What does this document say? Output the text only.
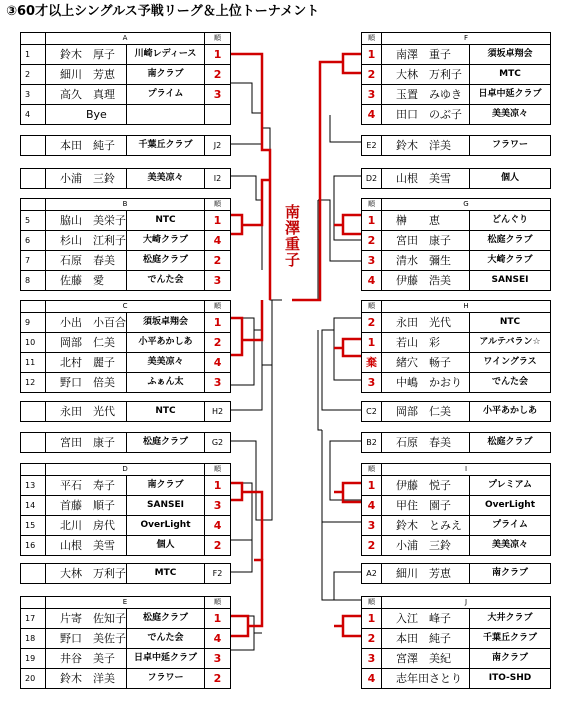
③60才以上シングルス予戦リーグ＆上位トーナメント
南澤重子
	A		順
1	鈴木　厚子	川崎レディース	1
2	細川　芳恵	南クラブ	2
3	高久　真理	プライム	3
4	Bye		
	本田　純子	千葉丘クラブ	J2
	小浦　三鈴	美美凉々	I2
	B		順
5	脇山　美栄子	NTC	1
6	杉山　江利子	大崎クラブ	4
7	石原　春美	松庭クラブ	2
8	佐藤　愛	でんた会	3
	C		順
9	小出　小百合	須坂卓翔会	1
10	岡部　仁美	小平あかしあ	2
11	北村　麗子	美美凉々	4
12	野口　倍美	ふぁん太	3
	永田　光代	NTC	H2
	宮田　康子	松庭クラブ	G2
	D		順
13	平石　寿子	南クラブ	1
14	首藤　順子	SANSEI	3
15	北川　房代	OverLight	4
16	山根　美雪	個人	2
	大林　万利子	MTC	F2
	E		順
17	片寄　佐知子	松庭クラブ	1
18	野口　美佐子	でんた会	4
19	井谷　美子	日卓中延クラブ	3
20	鈴木　洋美	フラワー	2
順	F	
1	南澤　重子	須坂卓翔会
2	大林　万利子	MTC
3	玉置　みゆき	日卓中延クラブ
4	田口　のぶ子	美美凉々
E2	鈴木　洋美	フラワー
D2	山根　美雪	個人
順	G	
1	榊　　恵	どんぐり
2	宮田　康子	松庭クラブ
3	清水　彌生	大崎クラブ
4	伊藤　浩美	SANSEI
順	H	
2	永田　光代	NTC
1	若山　彩	アルテバラン☆
棄	緒穴　畅子	ワイングラス
3	中嶋　かおり	でんた会
C2	岡部　仁美	小平あかしあ
B2	石原　春美	松庭クラブ
順	I	
1	伊藤　悦子	プレミアム
4	甲住　園子	OverLight
3	鈴木　とみえ	プライム
2	小浦　三鈴	美美凉々
A2	細川　芳恵	南クラブ
順	J	
1	入江　峰子	大井クラブ
2	本田　純子	千葉丘クラブ
3	宮澤　美紀	南クラブ
4	志年田さとり	ITO-SHD
